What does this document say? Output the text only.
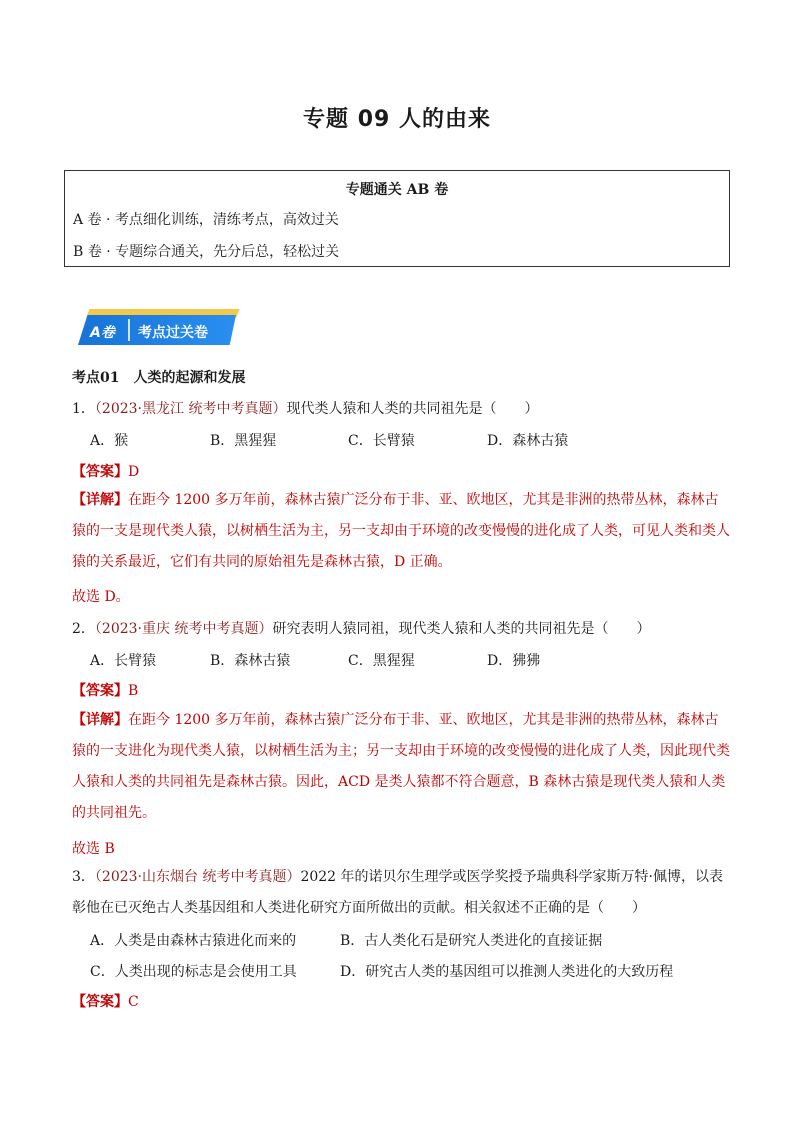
专题 09 人的由来
专题通关 AB 卷
A 卷 · 考点细化训练，清练考点，高效过关
B 卷 · 专题综合通关，先分后总，轻松过关
A卷	考点过关卷
考点01　人类的起源和发展
1．（2023·黑龙江 统考中考真题）现代类人猿和人类的共同祖先是（　　）
A．猴	B．黑猩猩	C．长臂猿	D．森林古猿
【答案】D
【详解】在距今 1200 多万年前，森林古猿广泛分布于非、亚、欧地区，尤其是非洲的热带丛林，森林古猿的一支是现代类人猿，以树栖生活为主，另一支却由于环境的改变慢慢的进化成了人类，可见人类和类人猿的关系最近，它们有共同的原始祖先是森林古猿，D 正确。
故选 D。
2．（2023·重庆 统考中考真题）研究表明人猿同祖，现代类人猿和人类的共同祖先是（　　）
A．长臂猿	B．森林古猿	C．黑猩猩	D．狒狒
【答案】B
【详解】在距今 1200 多万年前，森林古猿广泛分布于非、亚、欧地区，尤其是非洲的热带丛林，森林古猿的一支进化为现代类人猿，以树栖生活为主；另一支却由于环境的改变慢慢的进化成了人类，因此现代类人猿和人类的共同祖先是森林古猿。因此，ACD 是类人猿都不符合题意，B 森林古猿是现代类人猿和人类的共同祖先。
故选 B
3．（2023·山东烟台 统考中考真题）2022 年的诺贝尔生理学或医学奖授予瑞典科学家斯万特·佩博，以表彰他在已灭绝古人类基因组和人类进化研究方面所做出的贡献。相关叙述不正确的是（　　）
A．人类是由森林古猿进化而来的	B．古人类化石是研究人类进化的直接证据
C．人类出现的标志是会使用工具	D．研究古人类的基因组可以推测人类进化的大致历程
【答案】C
